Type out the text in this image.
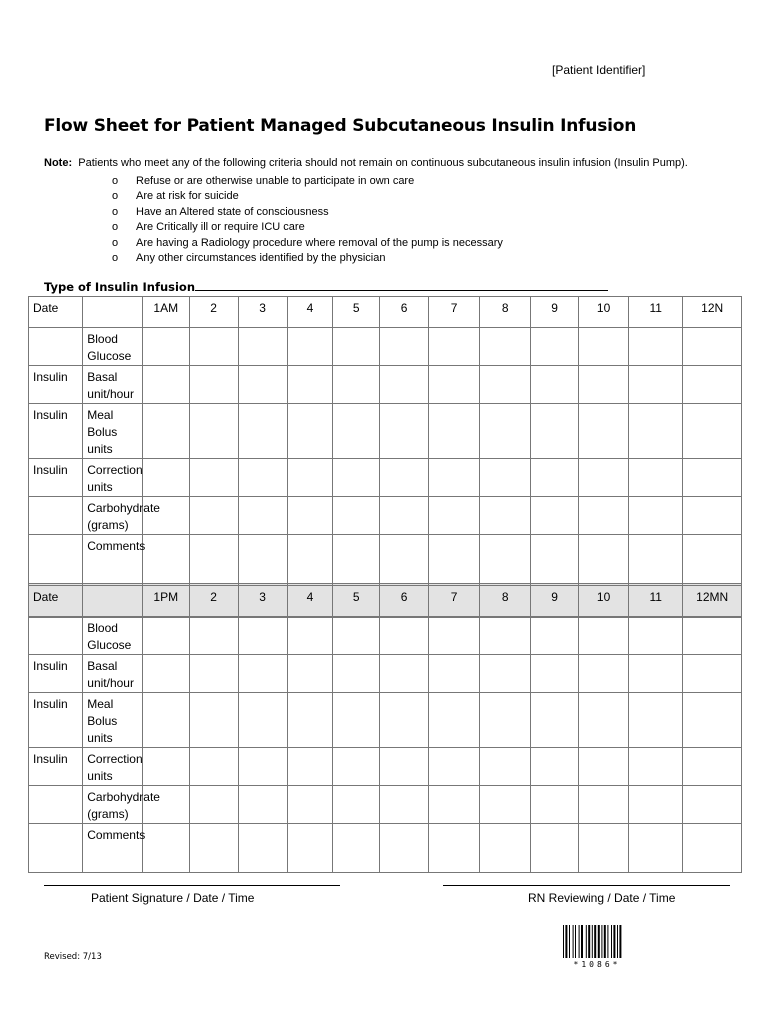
[Patient Identifier]
Flow Sheet for Patient Managed Subcutaneous Insulin Infusion
Note: Patients who meet any of the following criteria should not remain on continuous subcutaneous insulin infusion (Insulin Pump).
o Refuse or are otherwise unable to participate in own care
o Are at risk for suicide
o Have an Altered state of consciousness
o Are Critically ill or require ICU care
o Are having a Radiology procedure where removal of the pump is necessary
o Any other circumstances identified by the physician
Type of Insulin Infusion
Date		1AM	2	3	4	5	6	7	8	9	10	11	12N
	Blood Glucose												
Insulin	Basal unit/hour												
Insulin	Meal Bolus units												
Insulin	Correction units												
	Carbohydrate (grams)												
	Comments												

Date		1PM	2	3	4	5	6	7	8	9	10	11	12MN
	Blood Glucose												
Insulin	Basal unit/hour												
Insulin	Meal Bolus units												
Insulin	Correction units												
	Carbohydrate (grams)												
	Comments												
Patient Signature / Date / Time	RN Reviewing / Date / Time
Revised: 7/13
*1086*
